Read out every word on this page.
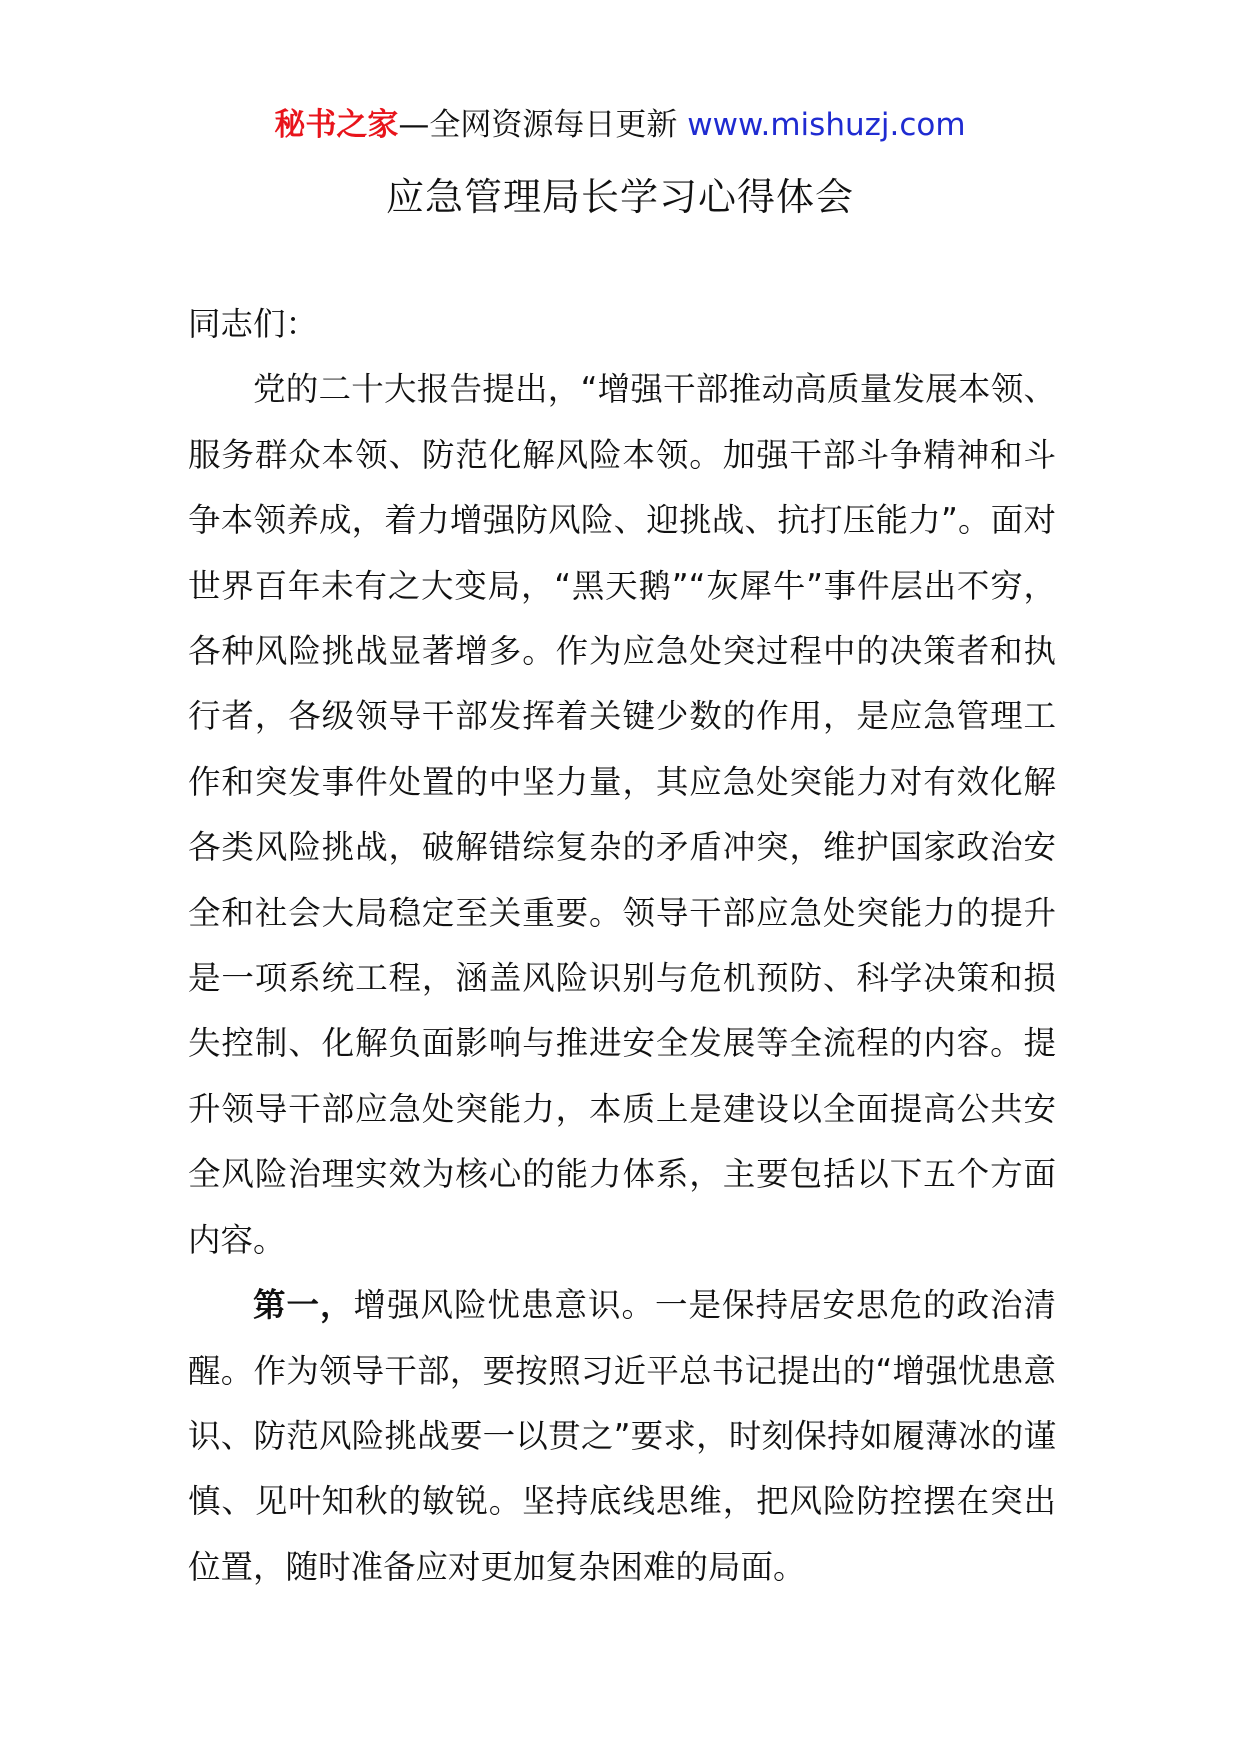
秘书之家—全网资源每日更新 www.mishuzj.com
应急管理局长学习心得体会

同志们：

党的二十大报告提出，“增强干部推动高质量发展本领、服务群众本领、防范化解风险本领。加强干部斗争精神和斗争本领养成，着力增强防风险、迎挑战、抗打压能力”。面对世界百年未有之大变局，“黑天鹅”“灰犀牛”事件层出不穷，各种风险挑战显著增多。作为应急处突过程中的决策者和执行者，各级领导干部发挥着关键少数的作用，是应急管理工作和突发事件处置的中坚力量，其应急处突能力对有效化解各类风险挑战，破解错综复杂的矛盾冲突，维护国家政治安全和社会大局稳定至关重要。领导干部应急处突能力的提升是一项系统工程，涵盖风险识别与危机预防、科学决策和损失控制、化解负面影响与推进安全发展等全流程的内容。提升领导干部应急处突能力，本质上是建设以全面提高公共安全风险治理实效为核心的能力体系，主要包括以下五个方面内容。

第一，增强风险忧患意识。一是保持居安思危的政治清醒。作为领导干部，要按照习近平总书记提出的“增强忧患意识、防范风险挑战要一以贯之”要求，时刻保持如履薄冰的谨慎、见叶知秋的敏锐。坚持底线思维，把风险防控摆在突出位置，随时准备应对更加复杂困难的局面。
